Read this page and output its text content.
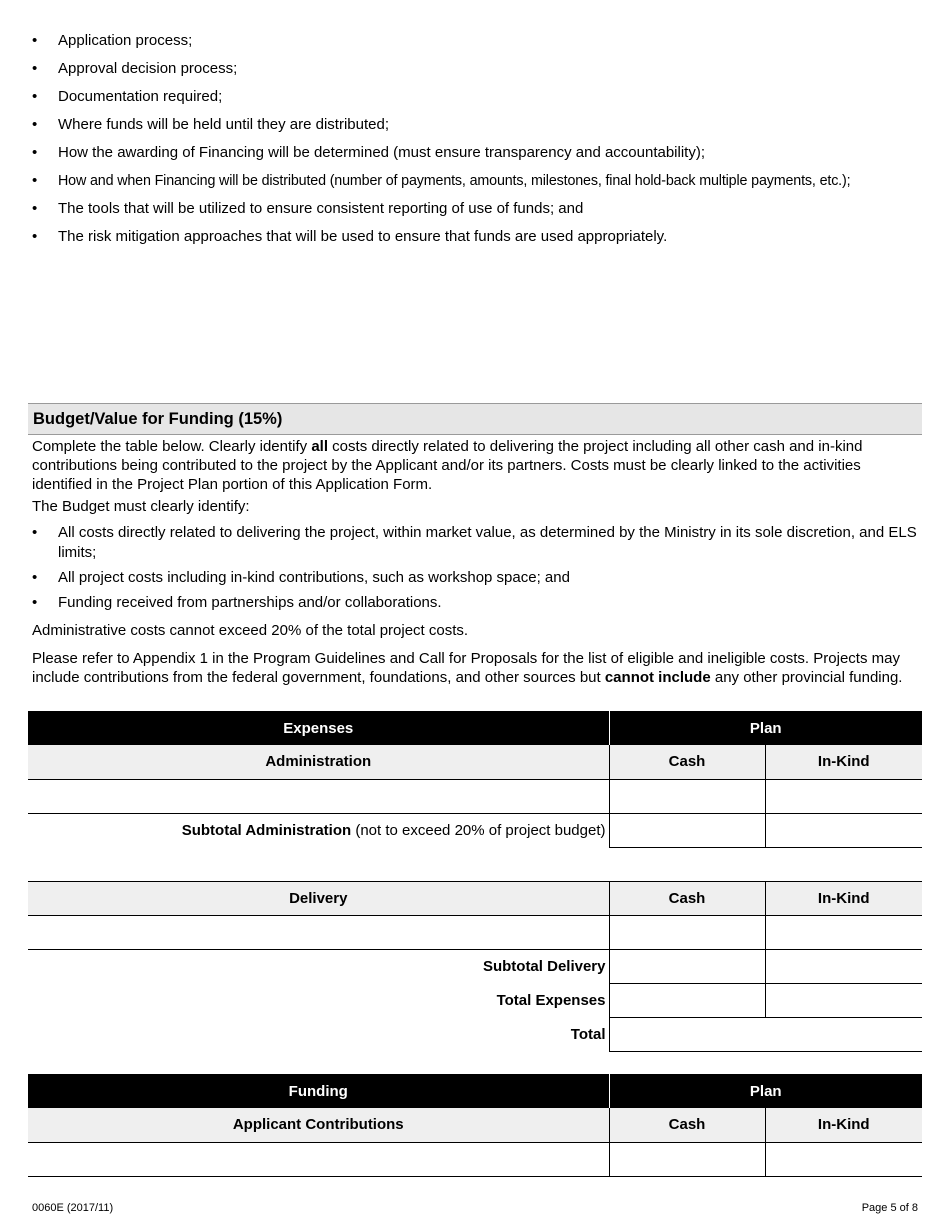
• Application process;
• Approval decision process;
• Documentation required;
• Where funds will be held until they are distributed;
• How the awarding of Financing will be determined (must ensure transparency and accountability);
• How and when Financing will be distributed (number of payments, amounts, milestones, final hold-back multiple payments, etc.);
• The tools that will be utilized to ensure consistent reporting of use of funds; and
• The risk mitigation approaches that will be used to ensure that funds are used appropriately.
Budget/Value for Funding (15%)
Complete the table below. Clearly identify all costs directly related to delivering the project including all other cash and in-kind contributions being contributed to the project by the Applicant and/or its partners. Costs must be clearly linked to the activities identified in the Project Plan portion of this Application Form.
The Budget must clearly identify:
• All costs directly related to delivering the project, within market value, as determined by the Ministry in its sole discretion, and ELS limits;
• All project costs including in-kind contributions, such as workshop space; and
• Funding received from partnerships and/or collaborations.
Administrative costs cannot exceed 20% of the total project costs.
Please refer to Appendix 1 in the Program Guidelines and Call for Proposals for the list of eligible and ineligible costs. Projects may include contributions from the federal government, foundations, and other sources but cannot include any other provincial funding.
Expenses	Plan	
Administration	Cash	In-Kind

Subtotal Administration (not to exceed 20% of project budget)		

Delivery	Cash	In-Kind

Subtotal Delivery		
Total Expenses		
Total		
Funding	Plan	
Applicant Contributions	Cash	In-Kind

0060E (2017/11)	Page 5 of 8
